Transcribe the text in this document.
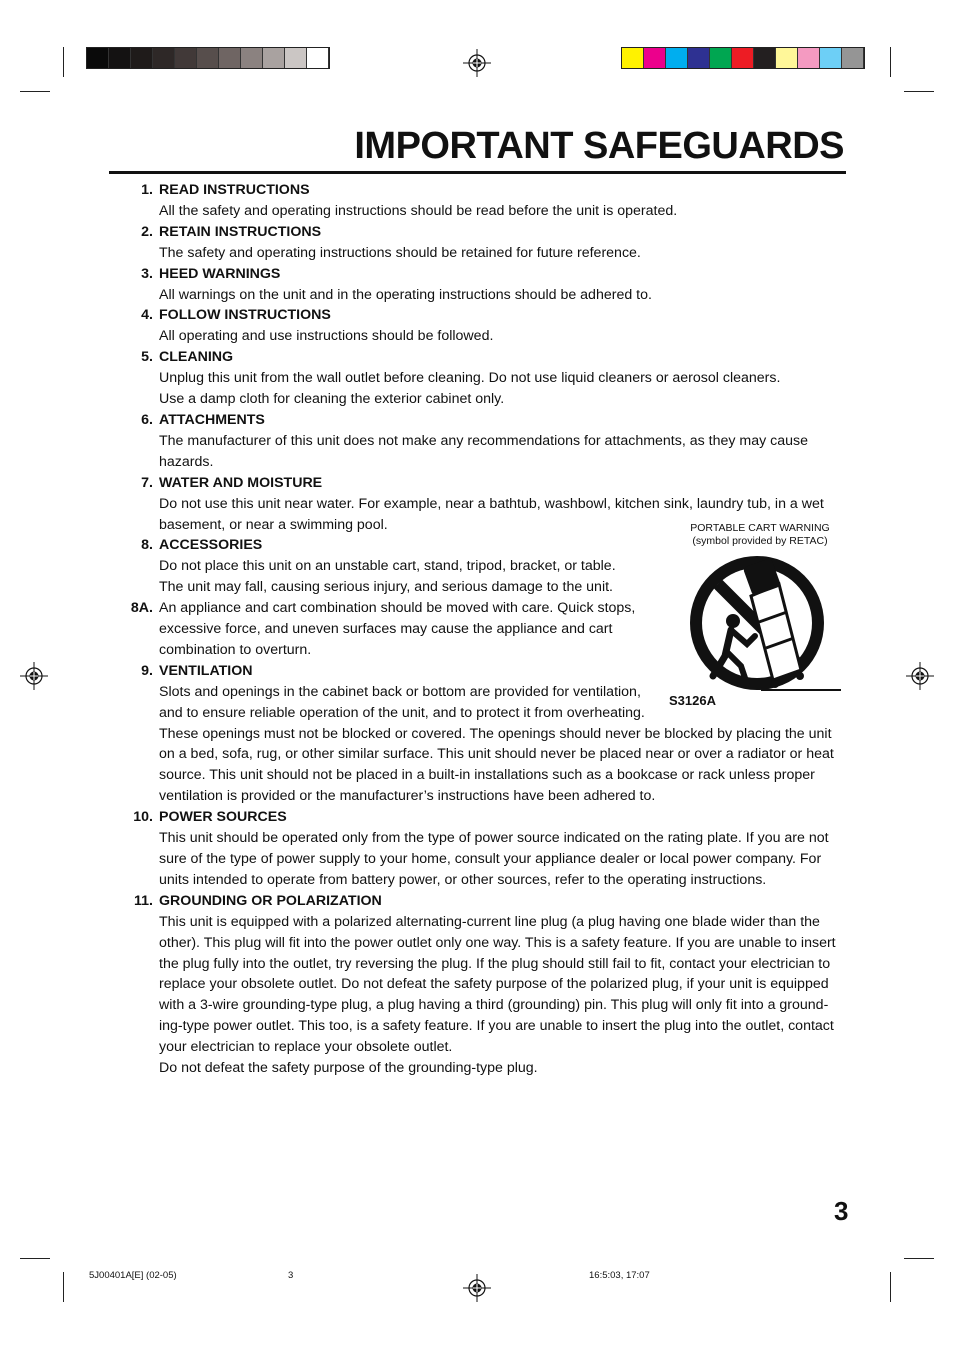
IMPORTANT SAFEGUARDS
1. READ INSTRUCTIONS
All the safety and operating instructions should be read before the unit is operated.
2. RETAIN INSTRUCTIONS
The safety and operating instructions should be retained for future reference.
3. HEED WARNINGS
All warnings on the unit and in the operating instructions should be adhered to.
4. FOLLOW INSTRUCTIONS
All operating and use instructions should be followed.
5. CLEANING
Unplug this unit from the wall outlet before cleaning. Do not use liquid cleaners or aerosol cleaners.
Use a damp cloth for cleaning the exterior cabinet only.
6. ATTACHMENTS
The manufacturer of this unit does not make any recommendations for attachments, as they may cause hazards.
7. WATER AND MOISTURE
Do not use this unit near water. For example, near a bathtub, washbowl, kitchen sink, laundry tub, in a wet basement, or near a swimming pool.
8. ACCESSORIES
Do not place this unit on an unstable cart, stand, tripod, bracket, or table.
The unit may fall, causing serious injury, and serious damage to the unit.
8A. An appliance and cart combination should be moved with care. Quick stops, excessive force, and uneven surfaces may cause the appliance and cart combination to overturn.
9. VENTILATION
Slots and openings in the cabinet back or bottom are provided for ventilation, and to ensure reliable operation of the unit, and to protect it from overheating.
These openings must not be blocked or covered. The openings should never be blocked by placing the unit on a bed, sofa, rug, or other similar surface. This unit should never be placed near or over a radiator or heat source. This unit should not be placed in a built-in installations such as a bookcase or rack unless proper ventilation is provided or the manufacturer’s instructions have been adhered to.
10. POWER SOURCES
This unit should be operated only from the type of power source indicated on the rating plate. If you are not sure of the type of power supply to your home, consult your appliance dealer or local power company. For units intended to operate from battery power, or other sources, refer to the operating instructions.
11. GROUNDING OR POLARIZATION
This unit is equipped with a polarized alternating-current line plug (a plug having one blade wider than the other). This plug will fit into the power outlet only one way. This is a safety feature. If you are unable to insert the plug fully into the outlet, try reversing the plug. If the plug should still fail to fit, contact your electrician to replace your obsolete outlet. Do not defeat the safety purpose of the polarized plug, if your unit is equipped with a 3-wire grounding-type plug, a plug having a third (grounding) pin. This plug will only fit into a ground-ing-type power outlet. This too, is a safety feature. If you are unable to insert the plug into the outlet, contact your electrician to replace your obsolete outlet.
Do not defeat the safety purpose of the grounding-type plug.
PORTABLE CART WARNING
(symbol provided by RETAC)
S3126A
3
5J00401A[E] (02-05)	3	16:5:03, 17:07
